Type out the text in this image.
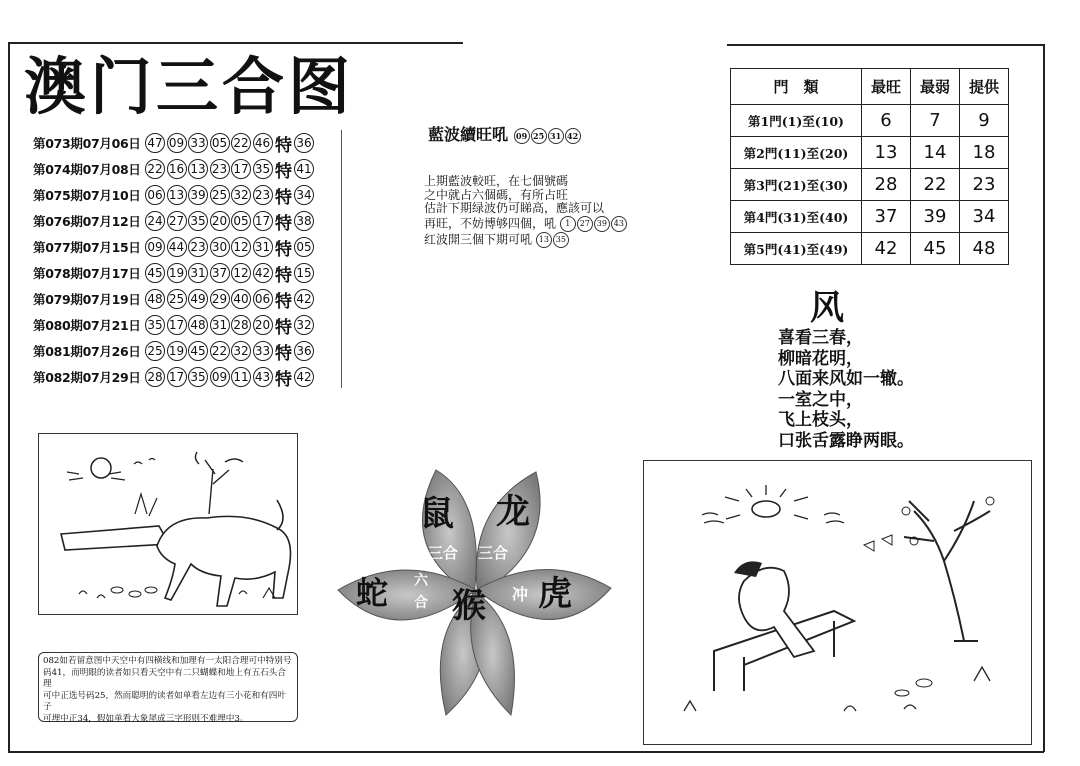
澳门三合图
第073期07月06日 47 09 33 05 22 46 特 36
第074期07月08日 22 16 13 23 17 35 特 41
第075期07月10日 06 13 39 25 32 23 特 34
第076期07月12日 24 27 35 20 05 17 特 38
第077期07月15日 09 44 23 30 12 31 特 05
第078期07月17日 45 19 31 37 12 42 特 15
第079期07月19日 48 25 49 29 40 06 特 42
第080期07月21日 35 17 48 31 28 20 特 32
第081期07月26日 25 19 45 22 32 33 特 36
第082期07月29日 28 17 35 09 11 43 特 42
藍波續旺吼 09 25 31 42
上期藍波較旺，在七個號碼
之中就占六個碼，有所占旺
估計下期绿波仍可睇高，應該可以
再旺，不妨博够四個，吼 1 27 39 43
红波開三個下期可吼 13 35
門　類	最旺	最弱	提供
第1門(1)至(10)	6	7	9
第2門(11)至(20)	13	14	18
第3門(21)至(30)	28	22	23
第4門(31)至(40)	37	39	34
第5門(41)至(49)	42	45	48
风
喜看三春，
柳暗花明，
八面来风如一辙。
一室之中，
飞上枝头，
口张舌露睁两眼。
082如若留意图中天空中有四横线和加理有一太阳合理可中特别号
码41，而明眼的读者如只看天空中有二只蝴蝶和地上有五石头合理
可中正选号码25，然而聪明的读者如单看左边有三小花和有四叶子
可埋中正34，假如单看大象尾成三字形则不难埋中3。
鼠 龙
三合 三合
蛇 六
合 猴 冲 虎
